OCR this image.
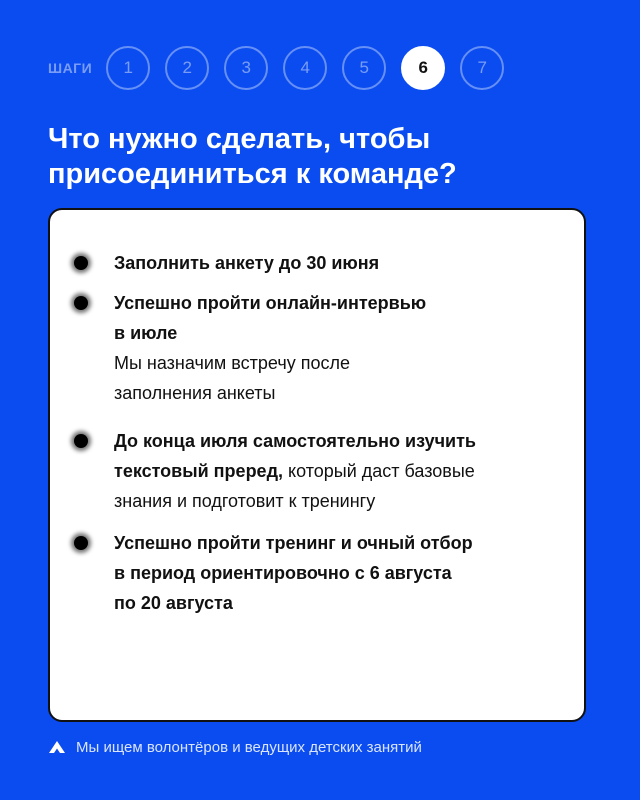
ШАГИ	1	2	3	4	5	6	7
Что нужно сделать, чтобы
присоединиться к команде?
Заполнить анкету до 30 июня
Успешно пройти онлайн-интервью
в июле
Мы назначим встречу после
заполнения анкеты
До конца июля самостоятельно изучить
текстовый преред, который даст базовые
знания и подготовит к тренингу
Успешно пройти тренинг и очный отбор
в период ориентировочно с 6 августа
по 20 августа
Мы ищем волонтёров и ведущих детских занятий
